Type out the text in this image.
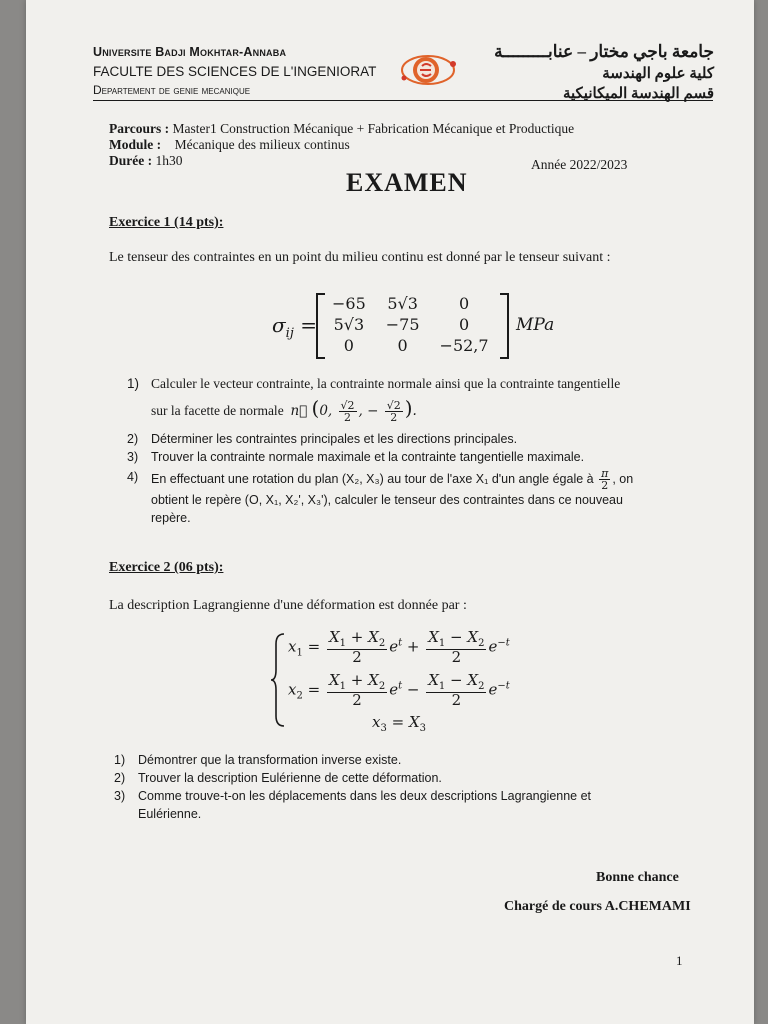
Universite Badji Mokhtar-Annaba
FACULTE DES SCIENCES DE L'INGENIORAT
Departement de genie mecanique
جامعة باجي مختار – عنابـــــــــة
كلية علوم الهندسة
قسم الهندسة الميكانيكية
Parcours : Master1 Construction Mécanique + Fabrication Mécanique et Productique
Module : Mécanique des milieux continus
Durée : 1h30	Année 2022/2023
EXAMEN
Exercice 1 (14 pts):
Le tenseur des contraintes en un point du milieu continu est donné par le tenseur suivant :
$\sigma_{ij}$ =
−65	5√3	0
5√3	−75	0
0	0	−52,7
MPa
1) Calculer le vecteur contrainte, la contrainte normale ainsi que la contrainte tangentielle
sur la facette de normale n⃗ (0, $\frac{√2}{2}$ , − $\frac{√2}{2}$ ).
2) Déterminer les contraintes principales et les directions principales.
3) Trouver la contrainte normale maximale et la contrainte tangentielle maximale.
4) En effectuant une rotation du plan (X₂, X₃) au tour de l'axe X₁ d'un angle égale à $\frac{\pi}{2}$ , on
obtient le repère (O, X₁, X₂', X₃'), calculer le tenseur des contraintes dans ce nouveau
repère.
Exercice 2 (06 pts):
La description Lagrangienne d'une déformation est donnée par :
$x_1 = \frac{X_1 + X_2}{2} e^t + \frac{X_1 - X_2}{2} e^{-t}$
$x_2 = \frac{X_1 + X_2}{2} e^t - \frac{X_1 - X_2}{2} e^{-t}$
$x_3 = X_3$
1) Démontrer que la transformation inverse existe.
2) Trouver la description Eulérienne de cette déformation.
3) Comme trouve-t-on les déplacements dans les deux descriptions Lagrangienne et
Eulérienne.
Bonne chance
Chargé de cours A.CHEMAMI
1
